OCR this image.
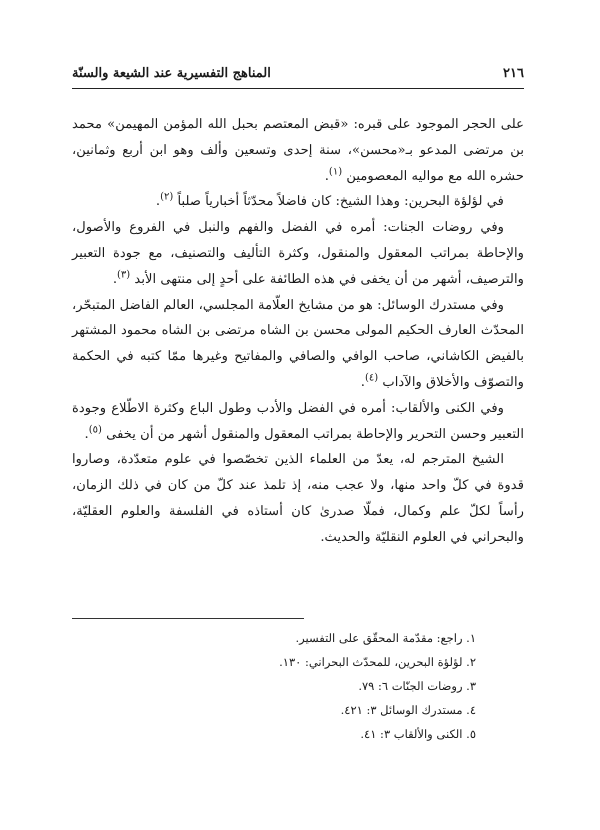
٢١٦
المناهج التفسيرية عند الشيعة والسنّة

على الحجر الموجود على قبره: «قبض المعتصم بحبل الله المؤمن المهيمن» محمد بن مرتضى المدعو بـ«محسن»، سنة إحدى وتسعين وألف وهو ابن أربع وثمانين، حشره الله مع مواليه المعصومين $^{(١)}$.

في لؤلؤة البحرين: وهذا الشيخ: كان فاضلاً محدّثاً أخبارياً صلباً $^{(٢)}$.

وفي روضات الجنات: أمره في الفضل والفهم والنبل في الفروع والأصول، والإحاطة بمراتب المعقول والمنقول، وكثرة التأليف والتصنيف، مع جودة التعبير والترصيف، أشهر من أن يخفى في هذه الطائفة على أحدٍ إلى منتهى الأبد $^{(٣)}$.

وفي مستدرك الوسائل: هو من مشايخ العلّامة المجلسي، العالم الفاضل المتبحّر، المحدّث العارف الحكيم المولى محسن بن الشاه مرتضى بن الشاه محمود المشتهر بالفيض الكاشاني، صاحب الوافي والصافي والمفاتيح وغيرها ممّا كتبه في الحكمة والتصوّف والأخلاق والآداب $^{(٤)}$.

وفي الكنى والألقاب: أمره في الفضل والأدب وطول الباع وكثرة الاطّلاع وجودة التعبير وحسن التحرير والإحاطة بمراتب المعقول والمنقول أشهر من أن يخفى $^{(٥)}$.

الشيخ المترجم له، يعدّ من العلماء الذين تخصّصوا في علوم متعدّدة، وصاروا قدوة في كلّ واحد منها، ولا عجب منه، إذ تلمذ عند كلّ من كان في ذلك الزمان، رأساً لكلّ علم وكمال، فملّا صدرىٰ كان أستاذه في الفلسفة والعلوم العقليّة، والبحراني في العلوم النقليّة والحديث.

١. راجع: مقدّمة المحقّق على التفسير.
٢. لؤلؤة البحرين، للمحدّث البحراني: ١٣٠.
٣. روضات الجنّات ٦: ٧٩.
٤. مستدرك الوسائل ٣: ٤٢١.
٥. الكنى والألقاب ٣: ٤١.
